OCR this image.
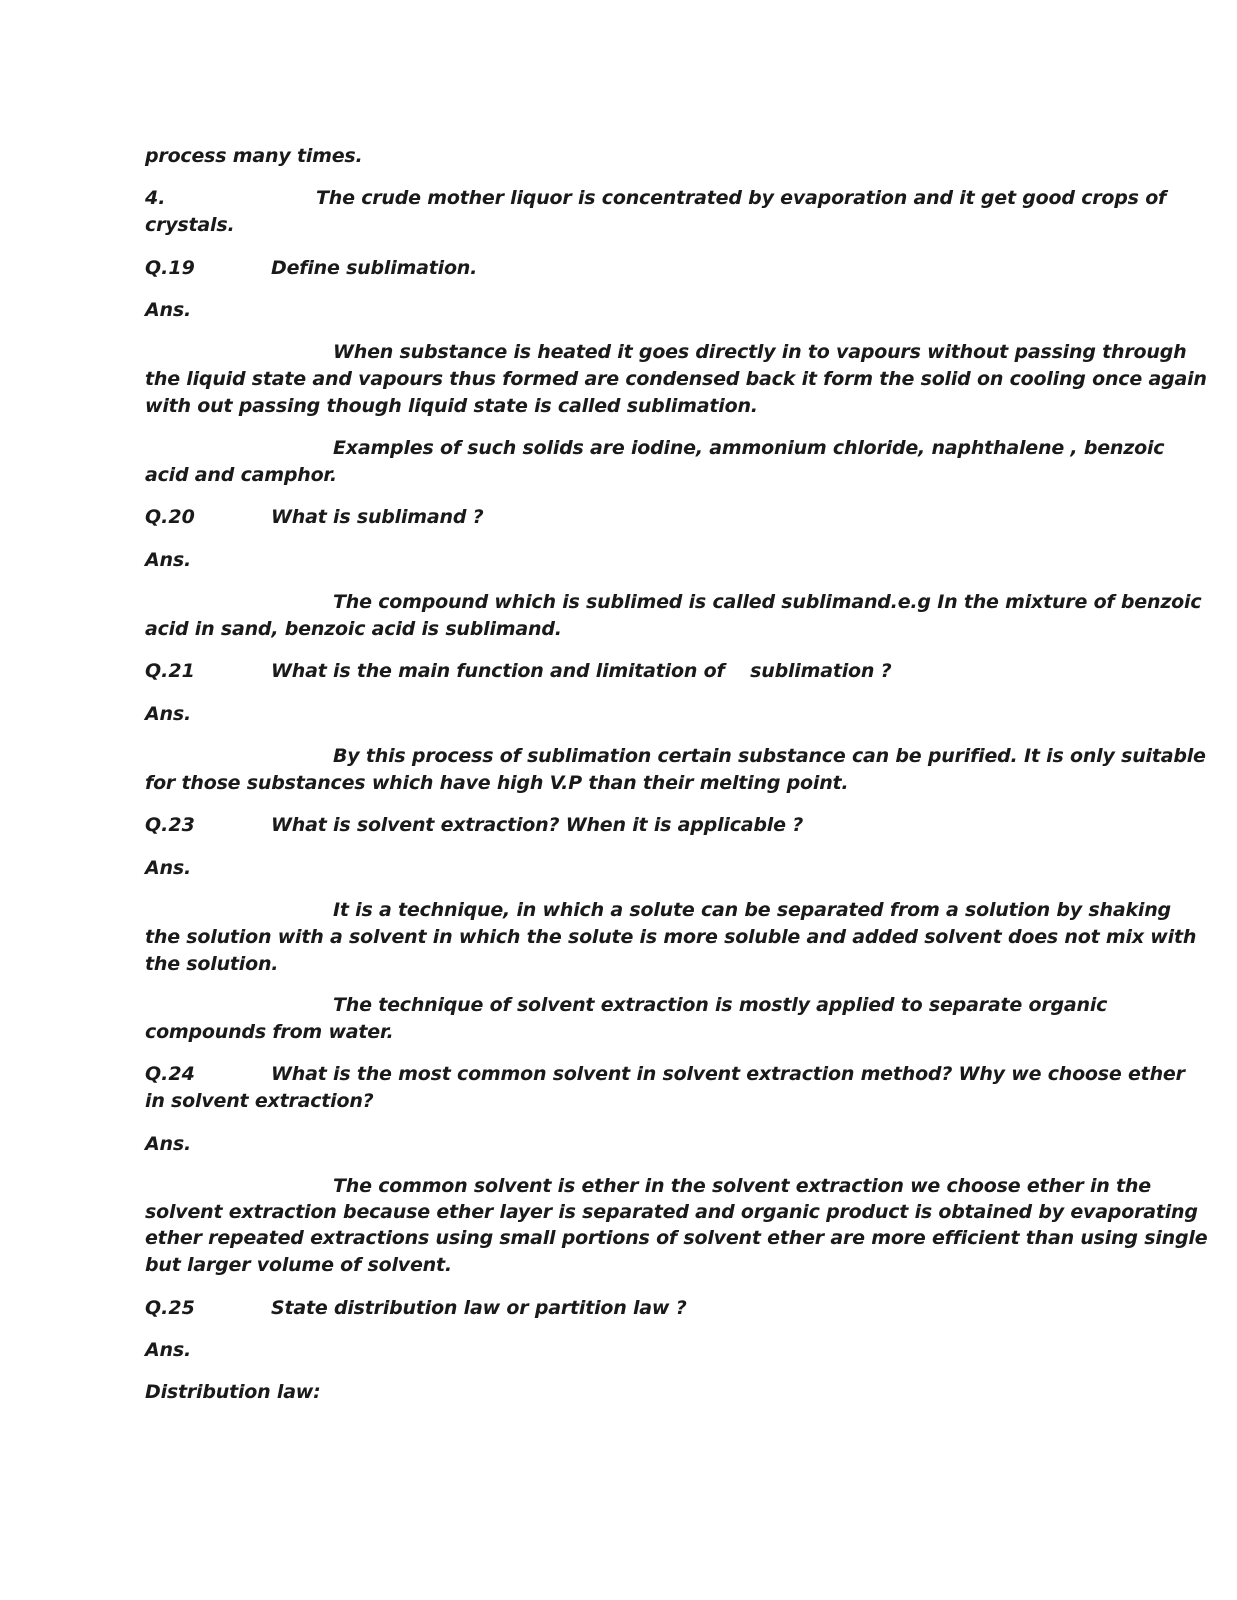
process many times.

4.	The crude mother liquor is concentrated by evaporation and it get good crops of

crystals.

Q.19	Define sublimation.

Ans.

When substance is heated it goes directly in to vapours without passing through

the liquid state and vapours thus formed are condensed back it form the solid on cooling once again

with out passing though liquid state is called sublimation.

Examples of such solids are iodine, ammonium chloride, naphthalene , benzoic

acid and camphor.

Q.20	What is sublimand ?

Ans.

The compound which is sublimed is called sublimand.e.g In the mixture of benzoic

acid in sand, benzoic acid is sublimand.

Q.21	What is the main function and limitation of    sublimation ?

Ans.

By this process of sublimation certain substance can be purified. It is only suitable

for those substances which have high V.P than their melting point.

Q.23	What is solvent extraction? When it is applicable ?

Ans.

It is a technique, in which a solute can be separated from a solution by shaking

the solution with a solvent in which the solute is more soluble and added solvent does not mix with

the solution.

The technique of solvent extraction is mostly applied to separate organic

compounds from water.

Q.24	What is the most common solvent in solvent extraction method? Why we choose ether

in solvent extraction?

Ans.

The common solvent is ether in the solvent extraction we choose ether in the

solvent extraction because ether layer is separated and organic product is obtained by evaporating

ether repeated extractions using small portions of solvent ether are more efficient than using single

but larger volume of solvent.

Q.25	State distribution law or partition law ?

Ans.

Distribution law:
